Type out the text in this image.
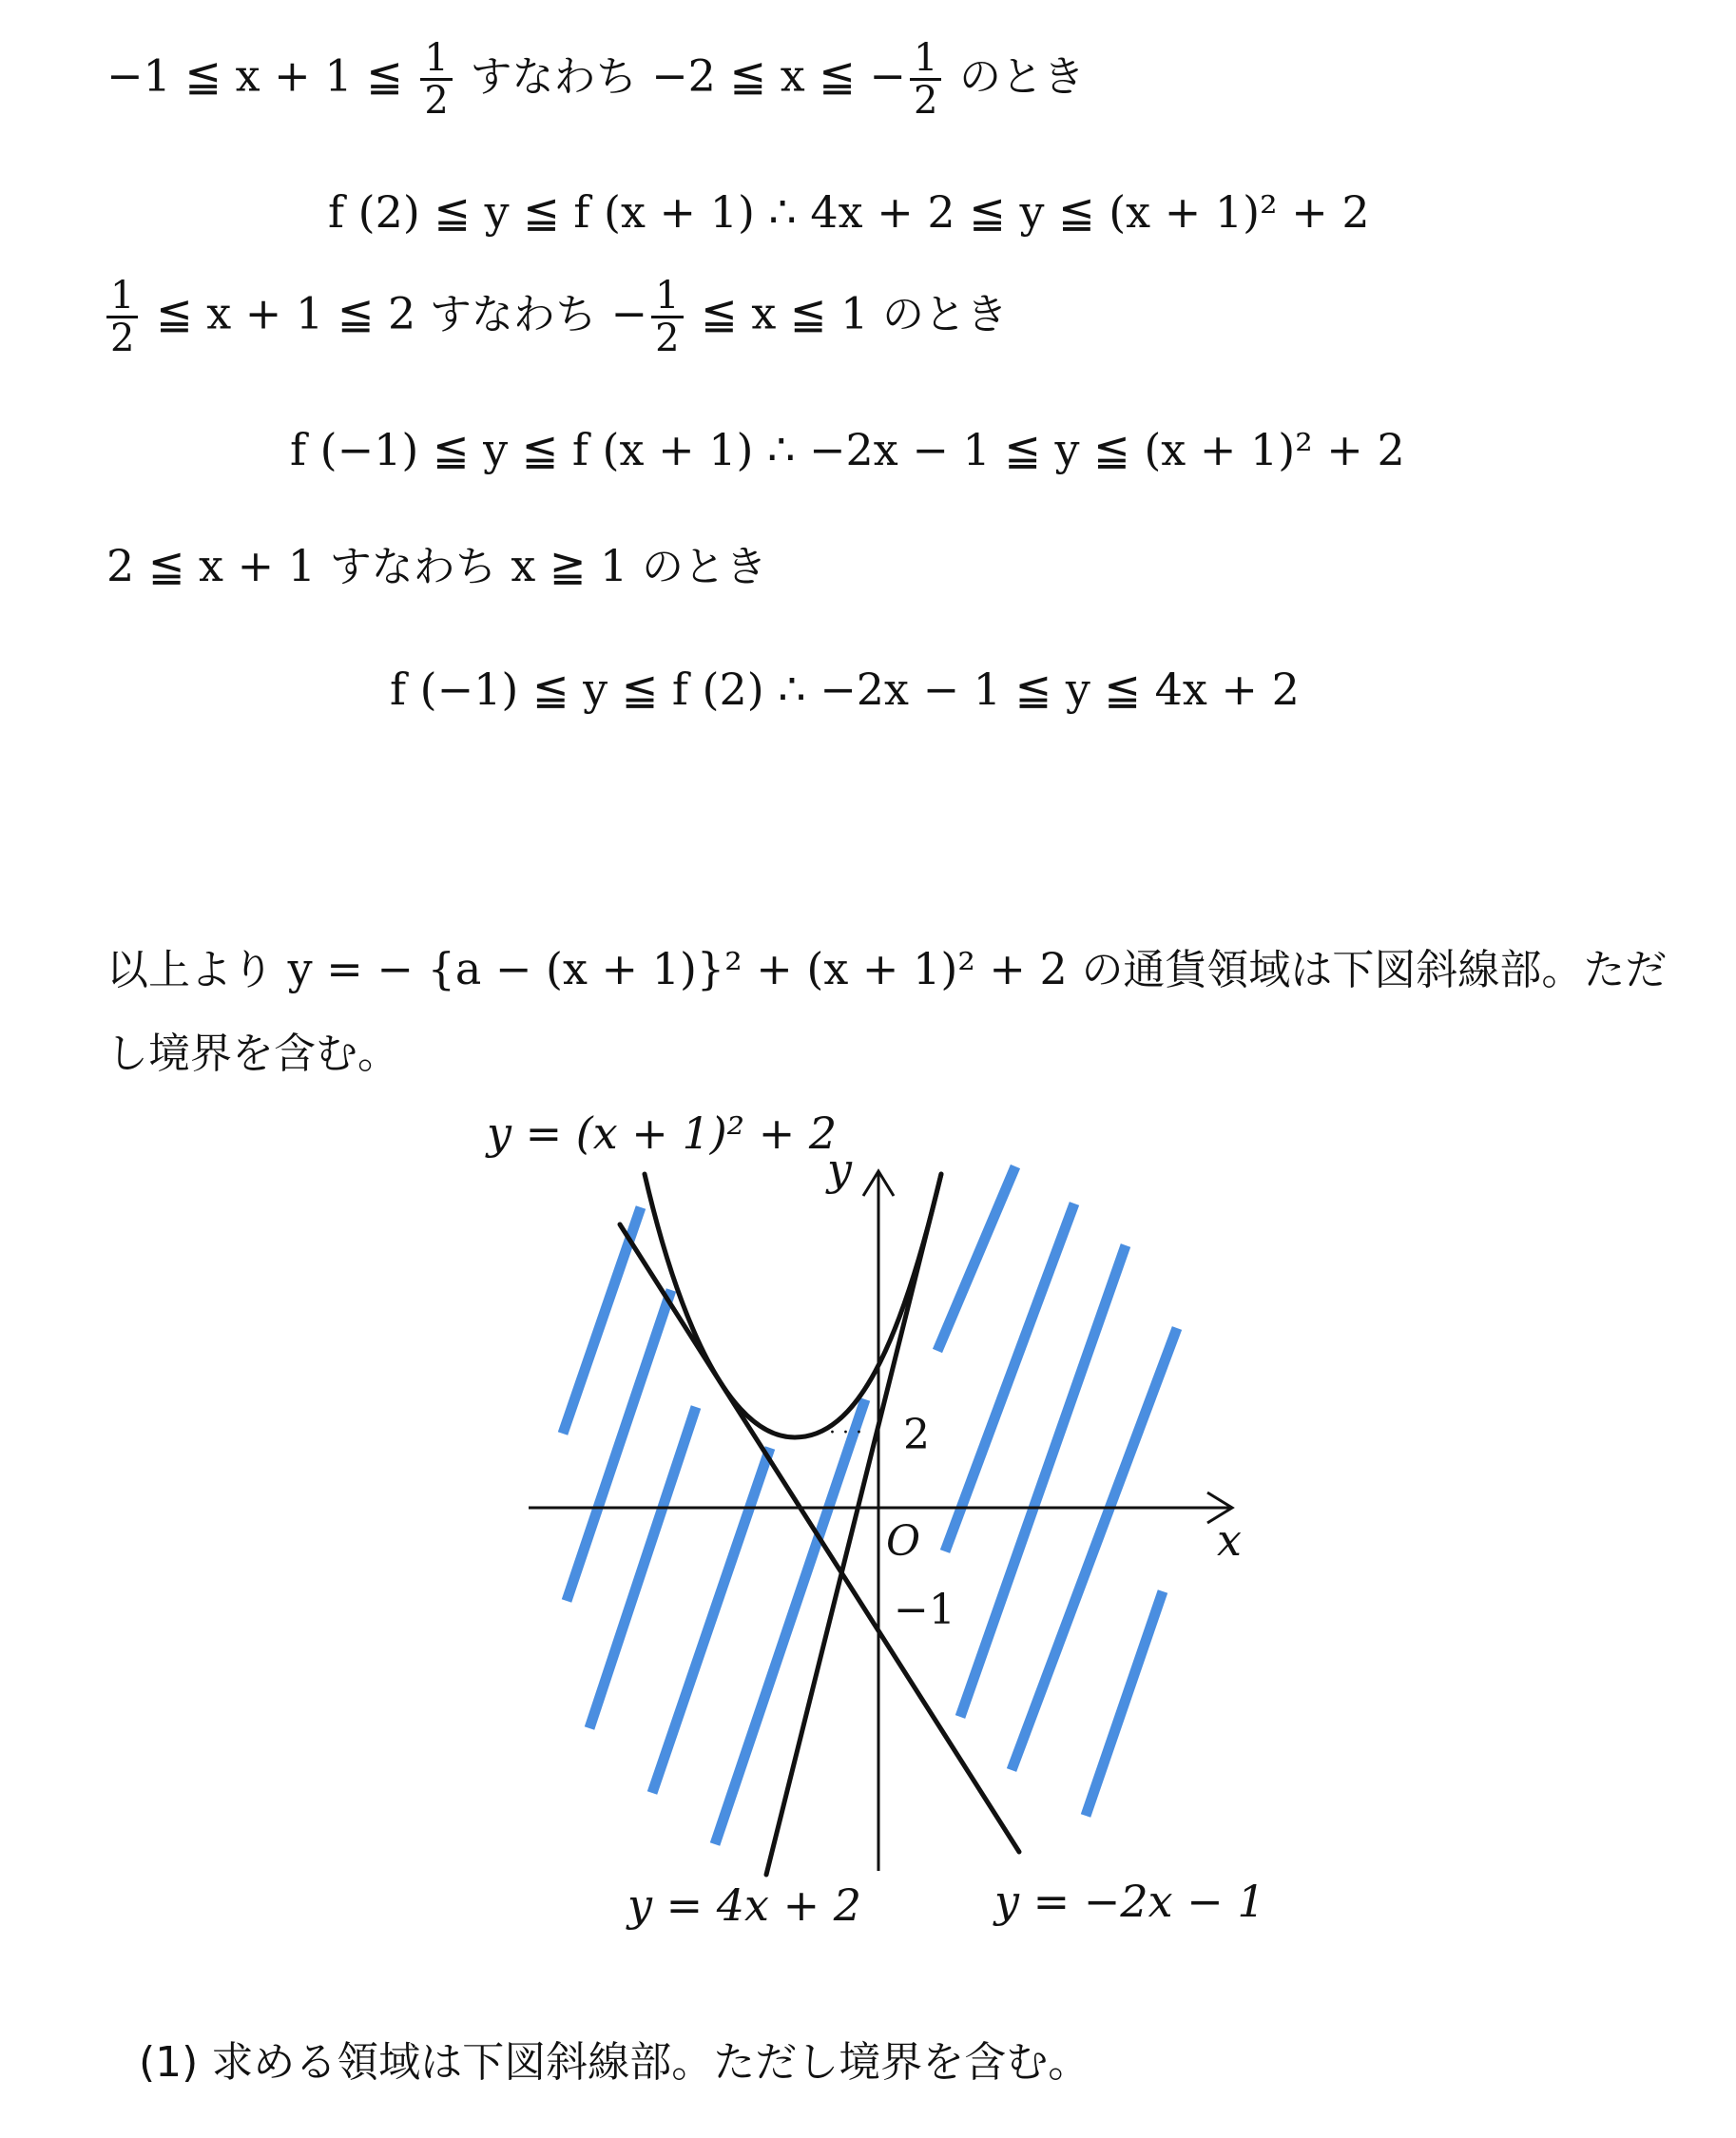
−1 ≦ x + 1 ≦ $\frac{1}{2}$ すなわち −2 ≦ x ≦ − $\frac{1}{2}$ のとき
f (2) ≦ y ≦ f (x + 1) ∴ 4x + 2 ≦ y ≦ (x + 1)² + 2
$\frac{1}{2}$ ≦ x + 1 ≦ 2 すなわち − $\frac{1}{2}$ ≦ x ≦ 1 のとき
f (−1) ≦ y ≦ f (x + 1) ∴ −2x − 1 ≦ y ≦ (x + 1)² + 2
2 ≦ x + 1 すなわち x ≧ 1 のとき
f (−1) ≦ y ≦ f (2) ∴ −2x − 1 ≦ y ≦ 4x + 2
以上より y = − {a − (x + 1)}² + (x + 1)² + 2 の通貨領域は下図斜線部。ただ
し境界を含む。
· · · ·
y = (x + 1)² + 2
y = 4x + 2	y = −2x − 1
y
x
O
2
−1
(1) 求める領域は下図斜線部。ただし境界を含む。
